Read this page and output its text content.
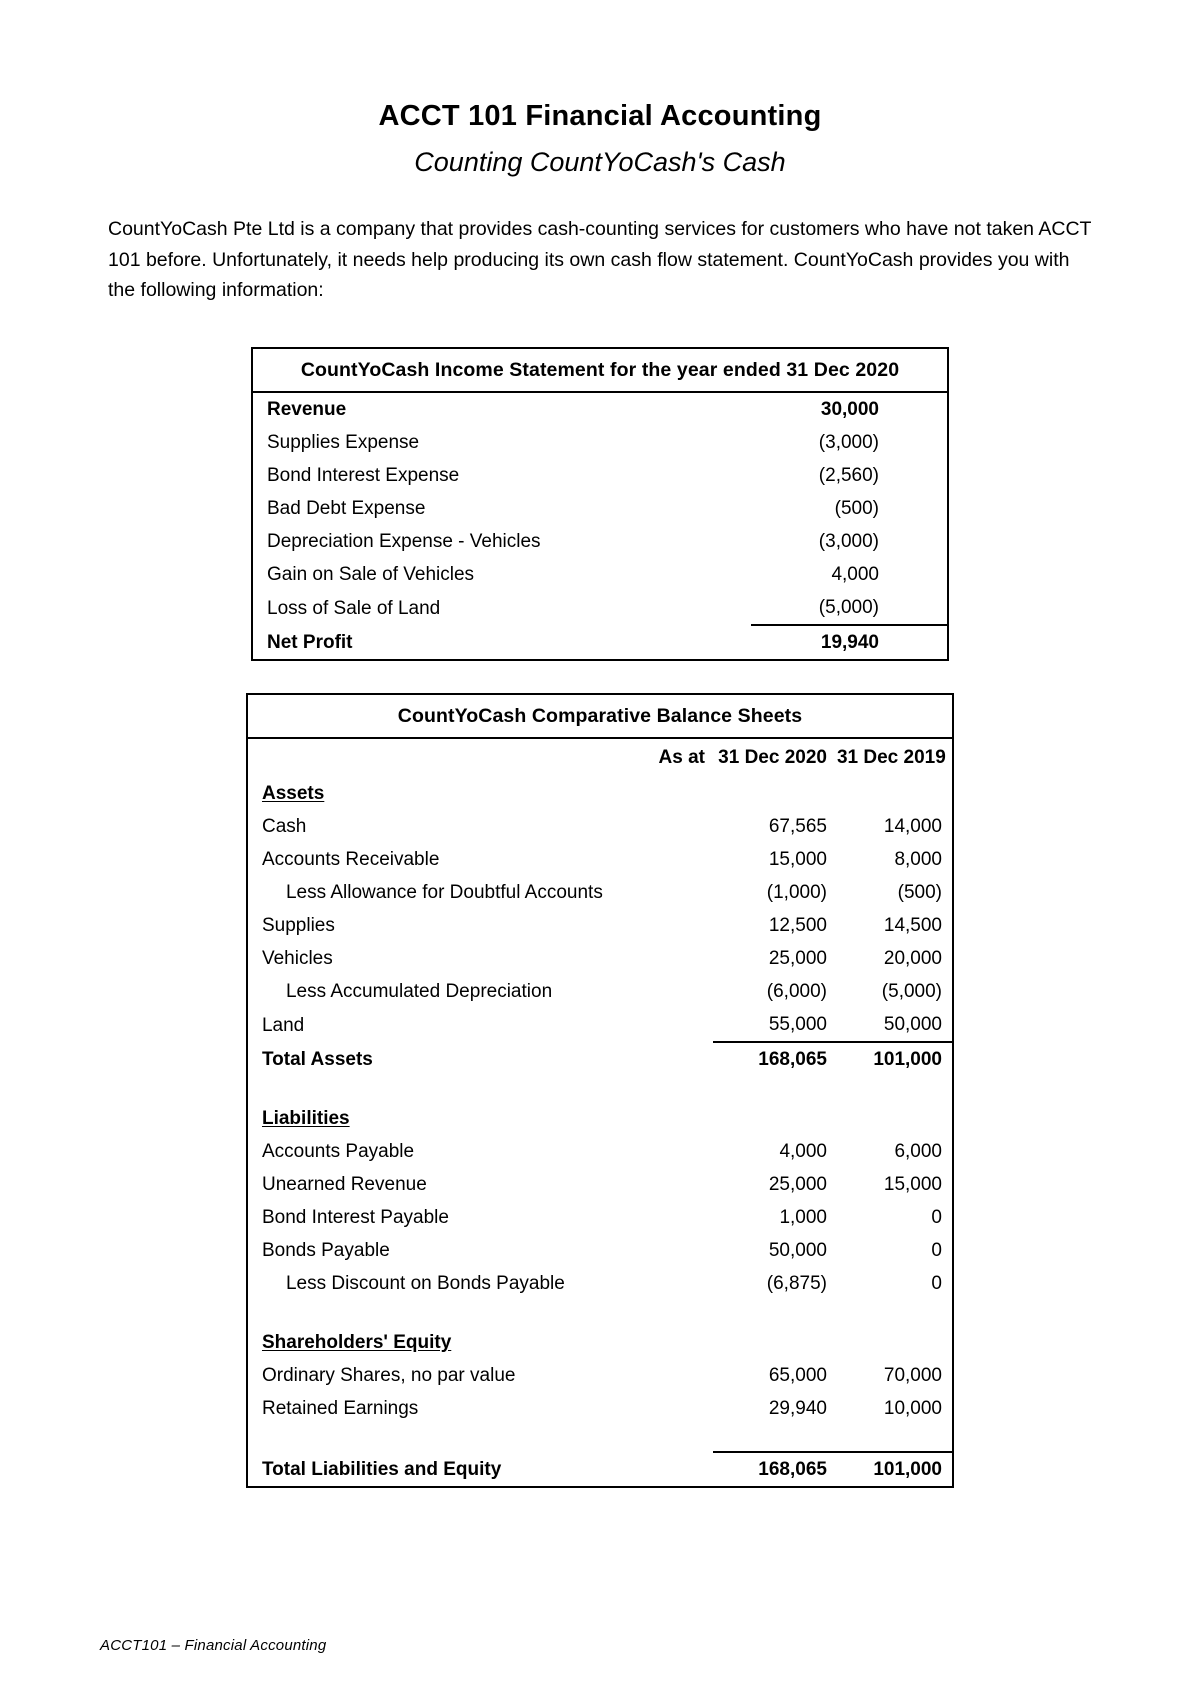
ACCT 101 Financial Accounting
Counting CountYoCash's Cash

CountYoCash Pte Ltd is a company that provides cash-counting services for customers who have not taken ACCT 101 before. Unfortunately, it needs help producing its own cash flow statement. CountYoCash provides you with the following information:

CountYoCash Income Statement for the year ended 31 Dec 2020	
Revenue	30,000
Supplies Expense	(3,000)
Bond Interest Expense	(2,560)
Bad Debt Expense	(500)
Depreciation Expense - Vehicles	(3,000)
Gain on Sale of Vehicles	4,000
Loss of Sale of Land	(5,000)
Net Profit	19,940
CountYoCash Comparative Balance Sheets			
	As at	31 Dec 2020	31 Dec 2019
Assets			
Cash		67,565	14,000
Accounts Receivable		15,000	8,000
Less Allowance for Doubtful Accounts		(1,000)	(500)
Supplies		12,500	14,500
Vehicles		25,000	20,000
Less Accumulated Depreciation		(6,000)	(5,000)
Land		55,000	50,000
Total Assets		168,065	101,000

Liabilities			
Accounts Payable		4,000	6,000
Unearned Revenue		25,000	15,000
Bond Interest Payable		1,000	0
Bonds Payable		50,000	0
Less Discount on Bonds Payable		(6,875)	0

Shareholders' Equity			
Ordinary Shares, no par value		65,000	70,000
Retained Earnings		29,940	10,000

Total Liabilities and Equity		168,065	101,000
ACCT101 – Financial Accounting
